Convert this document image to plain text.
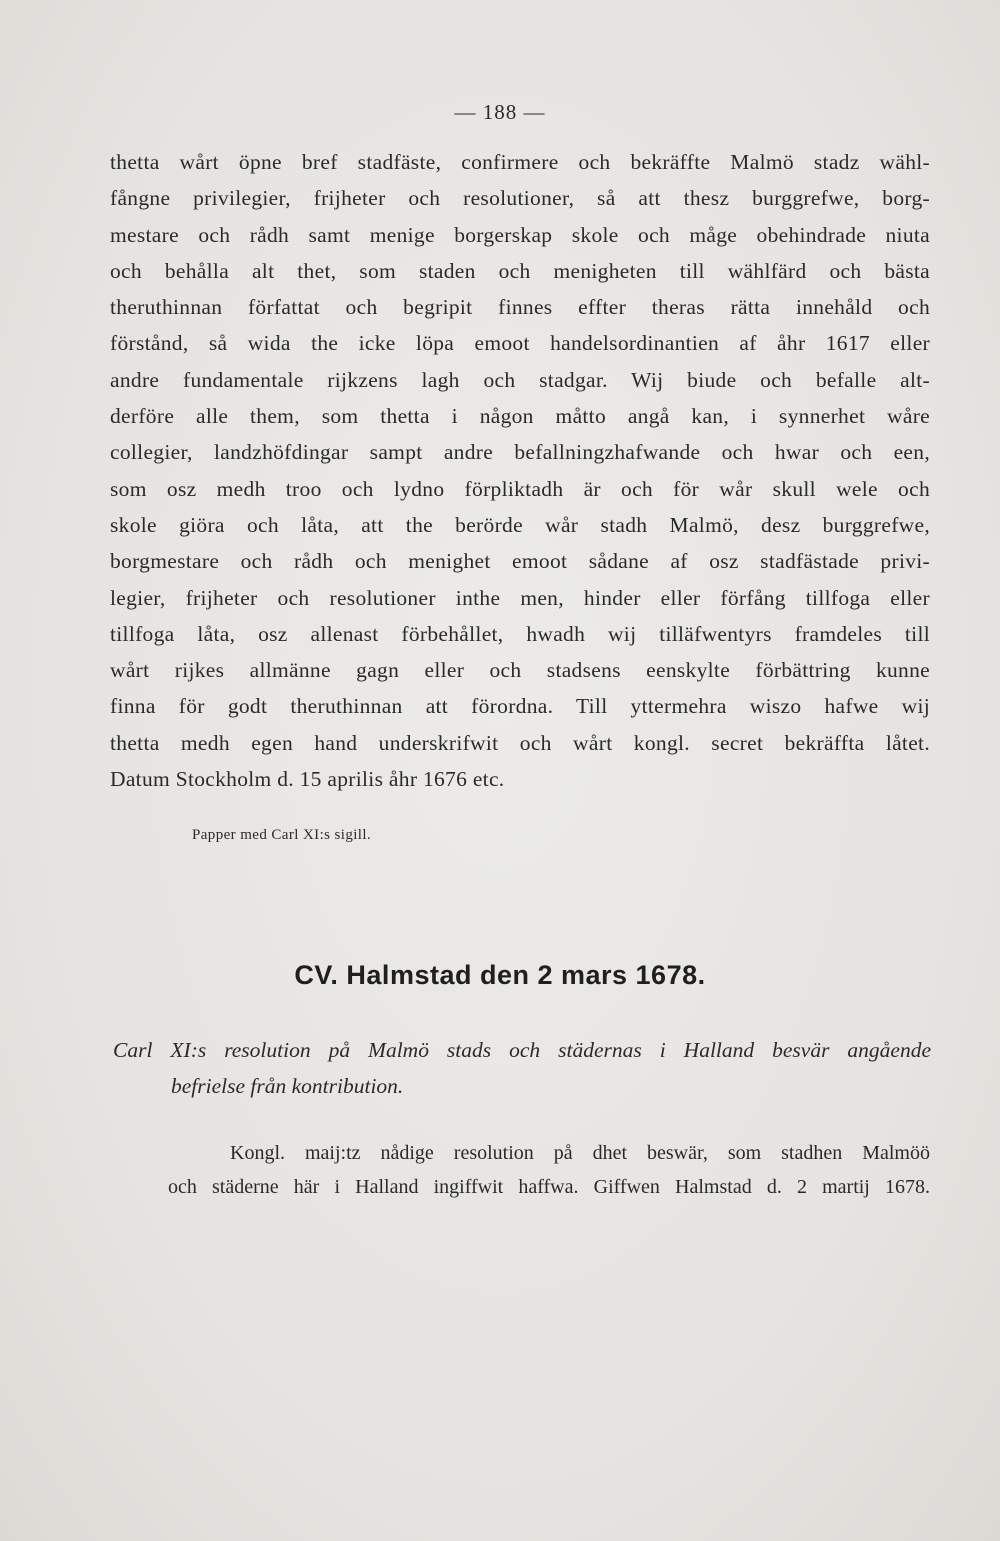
— 188 —
thetta wårt öpne bref stadfäste, confirmere och bekräffte Malmö stadz wähl-
fångne privilegier, frijheter och resolutioner, så att thesz burggrefwe, borg-
mestare och rådh samt menige borgerskap skole och måge obehindrade niuta
och behålla alt thet, som staden och menigheten till wählfärd och bästa
theruthinnan författat och begripit finnes effter theras rätta innehåld och
förstånd, så wida the icke löpa emoot handelsordinantien af åhr 1617 eller
andre fundamentale rijkzens lagh och stadgar. Wij biude och befalle alt-
derföre alle them, som thetta i någon måtto angå kan, i synnerhet wåre
collegier, landzhöfdingar sampt andre befallningzhafwande och hwar och een,
som osz medh troo och lydno förpliktadh är och för wår skull wele och
skole giöra och låta, att the berörde wår stadh Malmö, desz burggrefwe,
borgmestare och rådh och menighet emoot sådane af osz stadfästade privi-
legier, frijheter och resolutioner inthe men, hinder eller förfång tillfoga eller
tillfoga låta, osz allenast förbehållet, hwadh wij tilläfwentyrs framdeles till
wårt rijkes allmänne gagn eller och stadsens eenskylte förbättring kunne
finna för godt theruthinnan att förordna. Till yttermehra wiszo hafwe wij
thetta medh egen hand underskrifwit och wårt kongl. secret bekräffta låtet.
Datum Stockholm d. 15 aprilis åhr 1676 etc.
Papper med Carl XI:s sigill.
CV. Halmstad den 2 mars 1678.
Carl XI:s resolution på Malmö stads och städernas i Halland besvär angående
befrielse från kontribution.
Kongl. maij:tz nådige resolution på dhet beswär, som stadhen Malmöö
och städerne här i Halland ingiffwit haffwa. Giffwen Halmstad d. 2 martij 1678.
